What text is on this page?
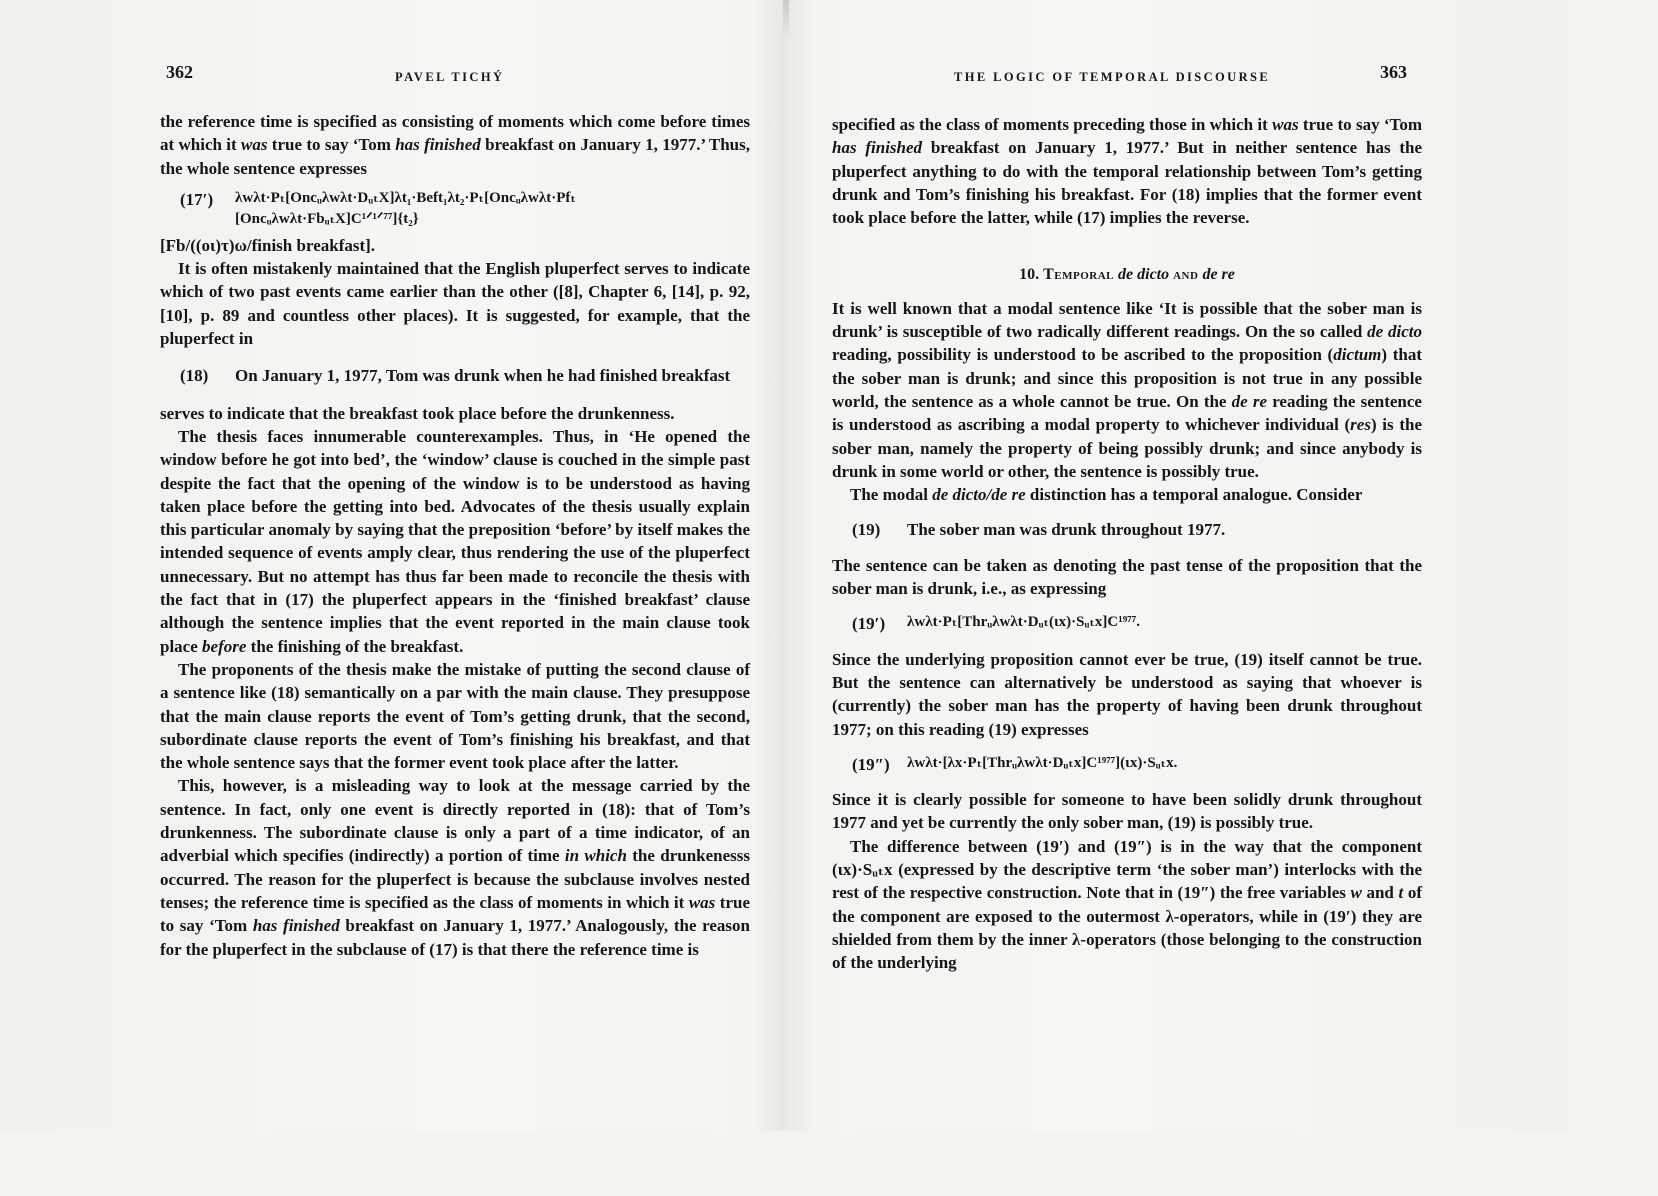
362	PAVEL TICHÝ

the reference time is specified as consisting of moments which come before times at which it was true to say ‘Tom has finished breakfast on January 1, 1977.’ Thus, the whole sentence expresses

(17′)	λwλt·Pₜ[Oncᵤλwλt·DᵤₜX]λt₁·Beft₁λt₂·Pₜ[Oncᵤλwλt·Pfₜ
[Oncᵤλwλt·FbᵤₜX]C¹ᐟ¹ᐟ⁷⁷]{t₂}

[Fb/((οι)τ)ω/finish breakfast].

It is often mistakenly maintained that the English pluperfect serves to indicate which of two past events came earlier than the other ([8], Chapter 6, [14], p. 92, [10], p. 89 and countless other places). It is suggested, for example, that the pluperfect in

(18)	On January 1, 1977, Tom was drunk when he had finished breakfast

serves to indicate that the breakfast took place before the drunkenness.

The thesis faces innumerable counterexamples. Thus, in ‘He opened the window before he got into bed’, the ‘window’ clause is couched in the simple past despite the fact that the opening of the window is to be understood as having taken place before the getting into bed. Advocates of the thesis usually explain this particular anomaly by saying that the preposition ‘before’ by itself makes the intended sequence of events amply clear, thus rendering the use of the pluperfect unnecessary. But no attempt has thus far been made to reconcile the thesis with the fact that in (17) the pluperfect appears in the ‘finished breakfast’ clause although the sentence implies that the event reported in the main clause took place before the finishing of the breakfast.

The proponents of the thesis make the mistake of putting the second clause of a sentence like (18) semantically on a par with the main clause. They presuppose that the main clause reports the event of Tom’s getting drunk, that the second, subordinate clause reports the event of Tom’s finishing his breakfast, and that the whole sentence says that the former event took place after the latter.

This, however, is a misleading way to look at the message carried by the sentence. In fact, only one event is directly reported in (18): that of Tom’s drunkenness. The subordinate clause is only a part of a time indicator, of an adverbial which specifies (indirectly) a portion of time in which the drunkenesss occurred. The reason for the pluperfect is because the subclause involves nested tenses; the reference time is specified as the class of moments in which it was true to say ‘Tom has finished breakfast on January 1, 1977.’ Analogously, the reason for the pluperfect in the subclause of (17) is that there the reference time is

THE LOGIC OF TEMPORAL DISCOURSE	363

specified as the class of moments preceding those in which it was true to say ‘Tom has finished breakfast on January 1, 1977.’ But in neither sentence has the pluperfect anything to do with the temporal relationship between Tom’s getting drunk and Tom’s finishing his breakfast. For (18) implies that the former event took place before the latter, while (17) implies the reverse.

10. Temporal de dicto and de re

It is well known that a modal sentence like ‘It is possible that the sober man is drunk’ is susceptible of two radically different readings. On the so called de dicto reading, possibility is understood to be ascribed to the proposition (dictum) that the sober man is drunk; and since this proposition is not true in any possible world, the sentence as a whole cannot be true. On the de re reading the sentence is understood as ascribing a modal property to whichever individual (res) is the sober man, namely the property of being possibly drunk; and since anybody is drunk in some world or other, the sentence is possibly true.

The modal de dicto/de re distinction has a temporal analogue. Consider

(19)	The sober man was drunk throughout 1977.

The sentence can be taken as denoting the past tense of the proposition that the sober man is drunk, i.e., as expressing

(19′)	λwλt·Pₜ[Thrᵤλwλt·Dᵤₜ(ιx)·Sᵤₜx]C¹⁹⁷⁷.

Since the underlying proposition cannot ever be true, (19) itself cannot be true. But the sentence can alternatively be understood as saying that whoever is (currently) the sober man has the property of having been drunk throughout 1977; on this reading (19) expresses

(19″)	λwλt·[λx·Pₜ[Thrᵤλwλt·Dᵤₜx]C¹⁹⁷⁷](ιx)·Sᵤₜx.

Since it is clearly possible for someone to have been solidly drunk throughout 1977 and yet be currently the only sober man, (19) is possibly true.

The difference between (19′) and (19″) is in the way that the component (ιx)·Sᵤₜx (expressed by the descriptive term ‘the sober man’) interlocks with the rest of the respective construction. Note that in (19″) the free variables w and t of the component are exposed to the outermost λ-operators, while in (19′) they are shielded from them by the inner λ-operators (those belonging to the construction of the underlying
